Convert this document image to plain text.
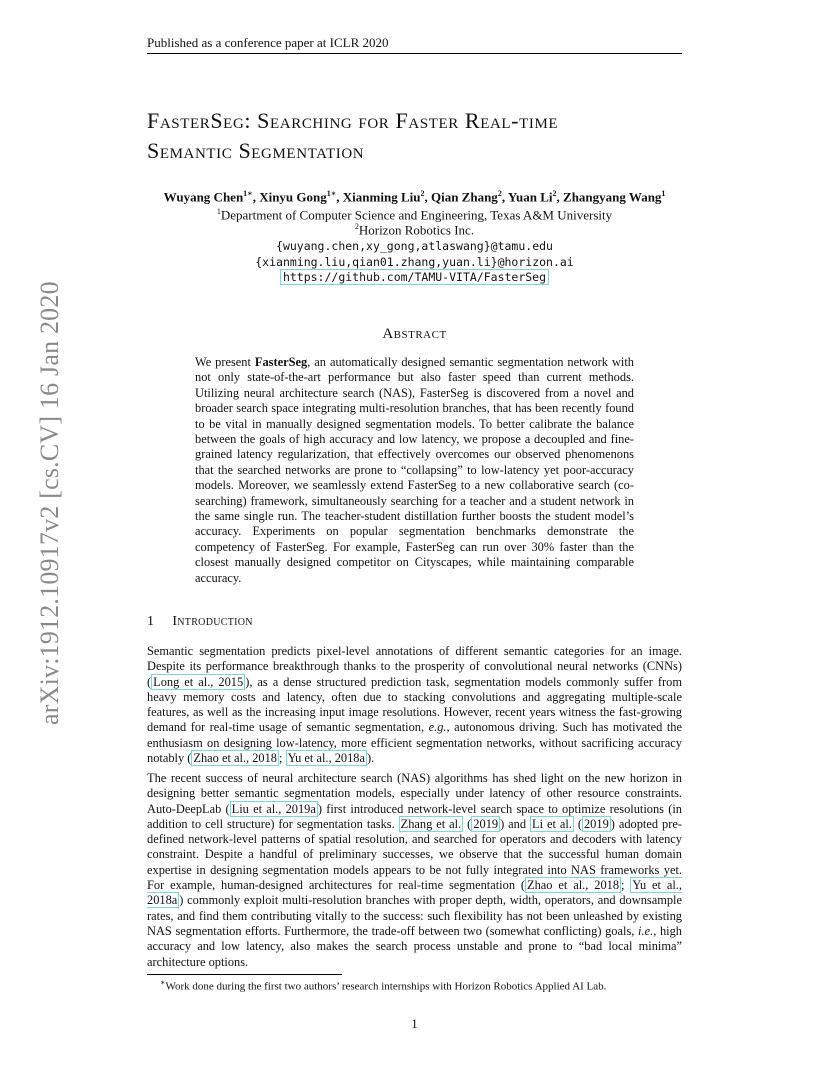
Published as a conference paper at ICLR 2020
arXiv:1912.10917v2 [cs.CV] 16 Jan 2020
FasterSeg: Searching for Faster Real-time
Semantic Segmentation
Wuyang Chen$^{1∗}$, Xinyu Gong$^{1∗}$, Xianming Liu$^2$, Qian Zhang$^2$, Yuan Li$^2$, Zhangyang Wang$^1$
$^1$Department of Computer Science and Engineering, Texas A&M University
$^2$Horizon Robotics Inc.
{wuyang.chen,xy_gong,atlaswang}@tamu.edu
{xianming.liu,qian01.zhang,yuan.li}@horizon.ai
https://github.com/TAMU-VITA/FasterSeg
Abstract
We present FasterSeg, an automatically designed semantic segmentation network with not only state-of-the-art performance but also faster speed than current methods. Utilizing neural architecture search (NAS), FasterSeg is discovered from a novel and broader search space integrating multi-resolution branches, that has been recently found to be vital in manually designed segmentation models. To better calibrate the balance between the goals of high accuracy and low latency, we propose a decoupled and fine-grained latency regularization, that effectively overcomes our observed phenomenons that the searched networks are prone to “collapsing” to low-latency yet poor-accuracy models. Moreover, we seamlessly extend FasterSeg to a new collaborative search (co-searching) framework, simultaneously searching for a teacher and a student network in the same single run. The teacher-student distillation further boosts the student model’s accuracy. Experiments on popular segmentation benchmarks demonstrate the competency of FasterSeg. For example, FasterSeg can run over 30% faster than the closest manually designed competitor on Cityscapes, while maintaining comparable accuracy.
1 Introduction
Semantic segmentation predicts pixel-level annotations of different semantic categories for an image. Despite its performance breakthrough thanks to the prosperity of convolutional neural networks (CNNs) ( Long et al., 2015 ), as a dense structured prediction task, segmentation models commonly suffer from heavy memory costs and latency, often due to stacking convolutions and aggregating multiple-scale features, as well as the increasing input image resolutions. However, recent years witness the fast-growing demand for real-time usage of semantic segmentation, e.g., autonomous driving. Such has motivated the enthusiasm on designing low-latency, more efficient segmentation networks, without sacrificing accuracy notably ( Zhao et al., 2018 ; Yu et al., 2018a ).
The recent success of neural architecture search (NAS) algorithms has shed light on the new horizon in designing better semantic segmentation models, especially under latency of other resource constraints. Auto-DeepLab ( Liu et al., 2019a ) first introduced network-level search space to optimize resolutions (in addition to cell structure) for segmentation tasks. Zhang et al. ( 2019 ) and Li et al. ( 2019 ) adopted pre-defined network-level patterns of spatial resolution, and searched for operators and decoders with latency constraint. Despite a handful of preliminary successes, we observe that the successful human domain expertise in designing segmentation models appears to be not fully integrated into NAS frameworks yet. For example, human-designed architectures for real-time segmentation ( Zhao et al., 2018 ; Yu et al., 2018a ) commonly exploit multi-resolution branches with proper depth, width, operators, and downsample rates, and find them contributing vitally to the success: such flexibility has not been unleashed by existing NAS segmentation efforts. Furthermore, the trade-off between two (somewhat conflicting) goals, i.e., high accuracy and low latency, also makes the search process unstable and prone to “bad local minima” architecture options.
∗Work done during the first two authors’ research internships with Horizon Robotics Applied AI Lab.
1
